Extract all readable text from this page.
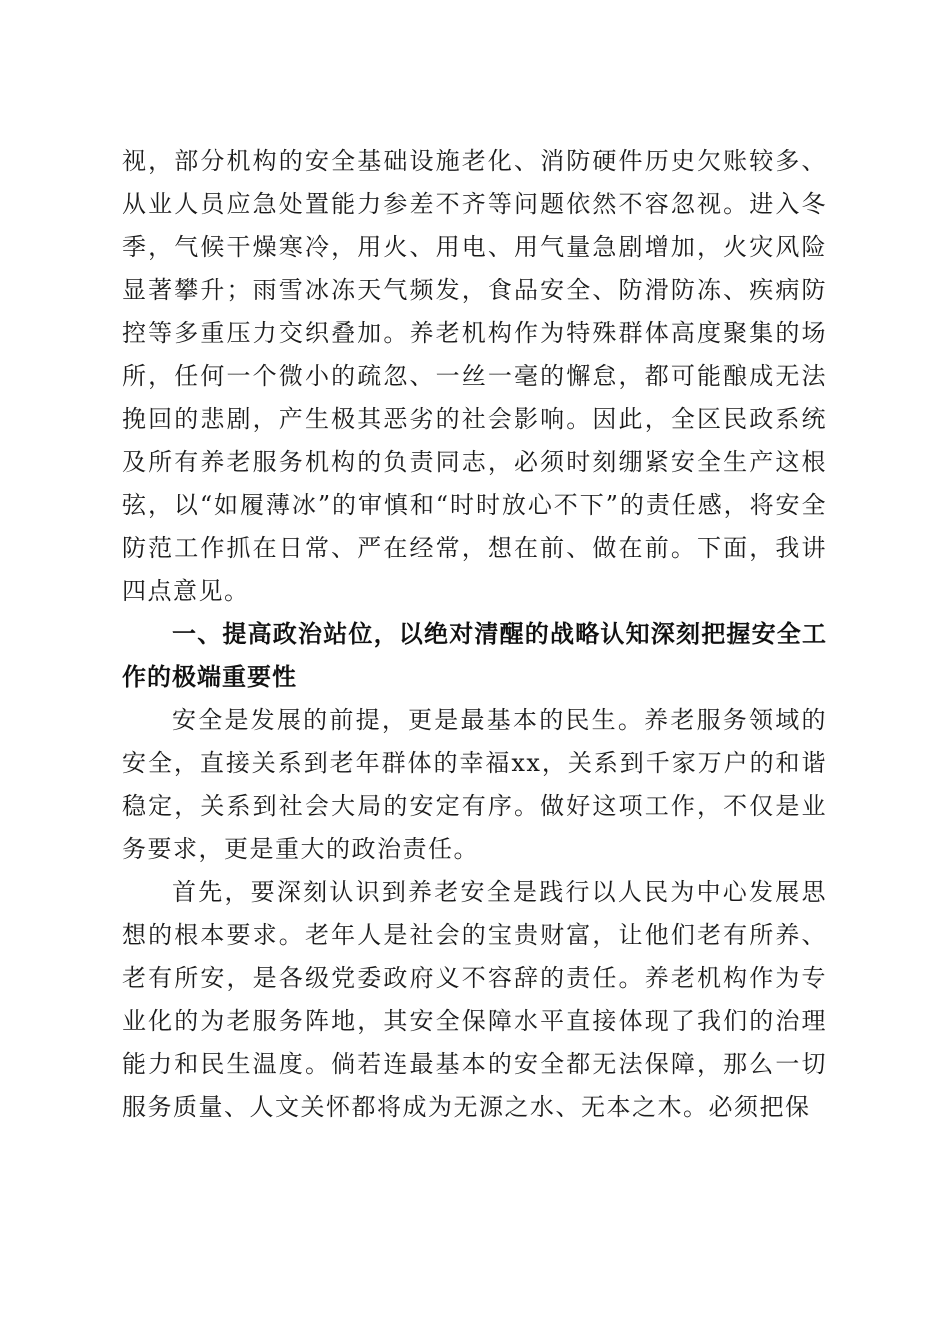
视，部分机构的安全基础设施老化、消防硬件历史欠账较多、从业人员应急处置能力参差不齐等问题依然不容忽视。进入冬季，气候干燥寒冷，用火、用电、用气量急剧增加，火灾风险显著攀升；雨雪冰冻天气频发，食品安全、防滑防冻、疾病防控等多重压力交织叠加。养老机构作为特殊群体高度聚集的场所，任何一个微小的疏忽、一丝一毫的懈怠，都可能酿成无法挽回的悲剧，产生极其恶劣的社会影响。因此，全区民政系统及所有养老服务机构的负责同志，必须时刻绷紧安全生产这根弦，以“如履薄冰”的审慎和“时时放心不下”的责任感，将安全防范工作抓在日常、严在经常，想在前、做在前。下面，我讲四点意见。

一、提高政治站位，以绝对清醒的战略认知深刻把握安全工作的极端重要性

安全是发展的前提，更是最基本的民生。养老服务领域的安全，直接关系到老年群体的幸福xx，关系到千家万户的和谐稳定，关系到社会大局的安定有序。做好这项工作，不仅是业务要求，更是重大的政治责任。

首先，要深刻认识到养老安全是践行以人民为中心发展思想的根本要求。老年人是社会的宝贵财富，让他们老有所养、老有所安，是各级党委政府义不容辞的责任。养老机构作为专业化的为老服务阵地，其安全保障水平直接体现了我们的治理能力和民生温度。倘若连最基本的安全都无法保障，那么一切服务质量、人文关怀都将成为无源之水、无本之木。必须把保
